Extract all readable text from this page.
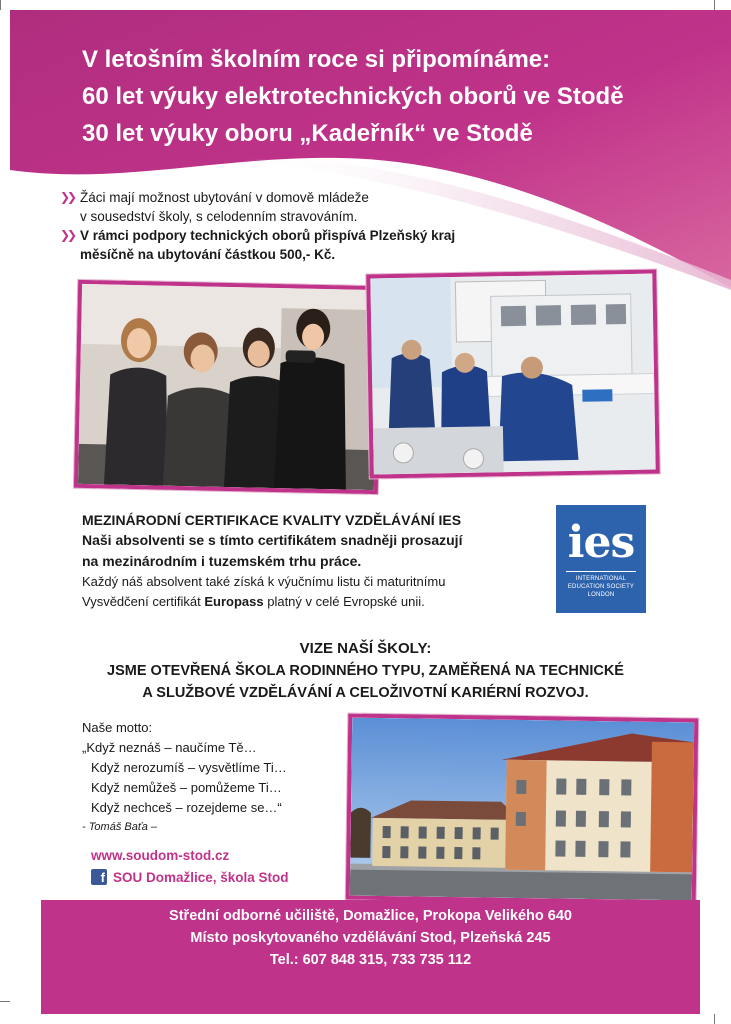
V letošním školním roce si připomínáme:
60 let výuky elektrotechnických oborů ve Stodě
30 let výuky oboru „Kadeřník“ ve Stodě
❯❯ Žáci mají možnost ubytování v domově mládeže
v sousedství školy, s celodenním stravováním.
❯❯ V rámci podpory technických oborů přispívá Plzeňský kraj
měsíčně na ubytování částkou 500,- Kč.
MEZINÁRODNÍ CERTIFIKACE KVALITY VZDĚLÁVÁNÍ IES
Naši absolventi se s tímto certifikátem snadněji prosazují
na mezinárodním i tuzemském trhu práce.
Každý náš absolvent také získá k výučnímu listu či maturitnímu
Vysvědčení certifikát Europass platný v celé Evropské unii.
ies
INTERNATIONAL
EDUCATION SOCIETY
LONDON
VIZE NAŠÍ ŠKOLY:
JSME OTEVŘENÁ ŠKOLA RODINNÉHO TYPU, ZAMĚŘENÁ NA TECHNICKÉ
A SLUŽBOVÉ VZDĚLÁVÁNÍ A CELOŽIVOTNÍ KARIÉRNÍ ROZVOJ.
Naše motto:
„Když neznáš – naučíme Tě…
Když nerozumíš – vysvětlíme Ti…
Když nemůžeš – pomůžeme Ti…
Když nechceš – rozejdeme se…“
- Tomáš Baťa –
www.soudom-stod.cz
f SOU Domažlice, škola Stod
Střední odborné učiliště, Domažlice, Prokopa Velikého 640
Místo poskytovaného vzdělávání Stod, Plzeňská 245
Tel.: 607 848 315, 733 735 112
